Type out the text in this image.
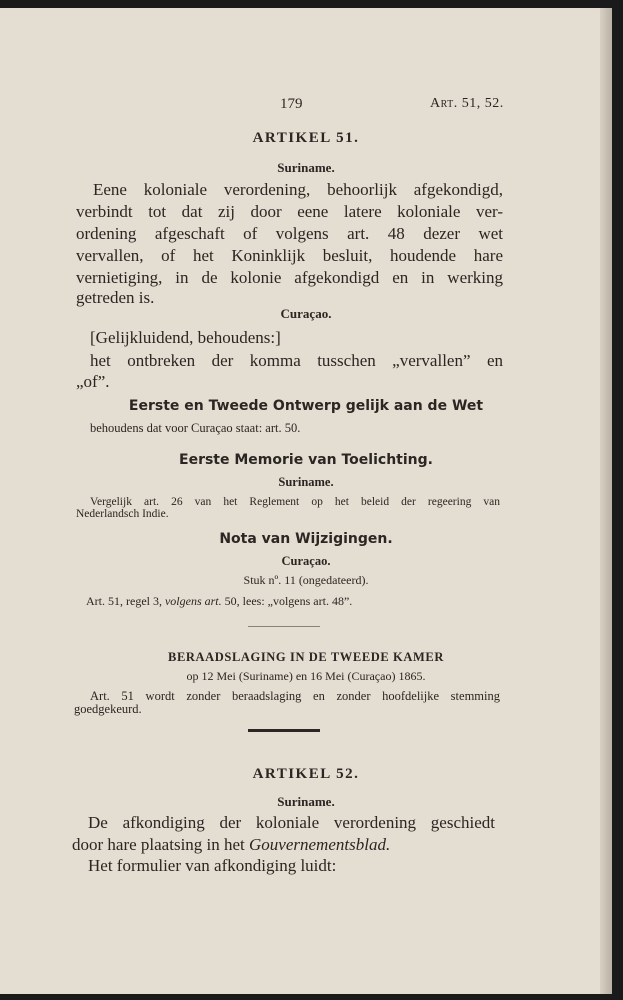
179	Art. 51, 52.
ARTIKEL 51.
Suriname.
Eene koloniale verordening, behoorlijk afgekondigd,
verbindt tot dat zij door eene latere koloniale ver-
ordening afgeschaft of volgens art. 48 dezer wet
vervallen, of het Koninklijk besluit, houdende hare
vernietiging, in de kolonie afgekondigd en in werking
getreden is.
Curaçao.
[Gelijkluidend, behoudens:]
het ontbreken der komma tusschen „vervallen” en
„of”.
Eerste en Tweede Ontwerp gelijk aan de Wet
behoudens dat voor Curaçao staat: art. 50.
Eerste Memorie van Toelichting.
Suriname.
Vergelijk art. 26 van het Reglement op het beleid der regeering van
Nederlandsch Indie.
Nota van Wijzigingen.
Curaçao.
Stuk nº. 11 (ongedateerd).
Art. 51, regel 3, volgens art. 50, lees: „volgens art. 48”.
BERAADSLAGING IN DE TWEEDE KAMER
op 12 Mei (Suriname) en 16 Mei (Curaçao) 1865.
Art. 51 wordt zonder beraadslaging en zonder hoofdelijke stemming
goedgekeurd.
ARTIKEL 52.
Suriname.
De afkondiging der koloniale verordening geschiedt
door hare plaatsing in het Gouvernementsblad.
Het formulier van afkondiging luidt:
